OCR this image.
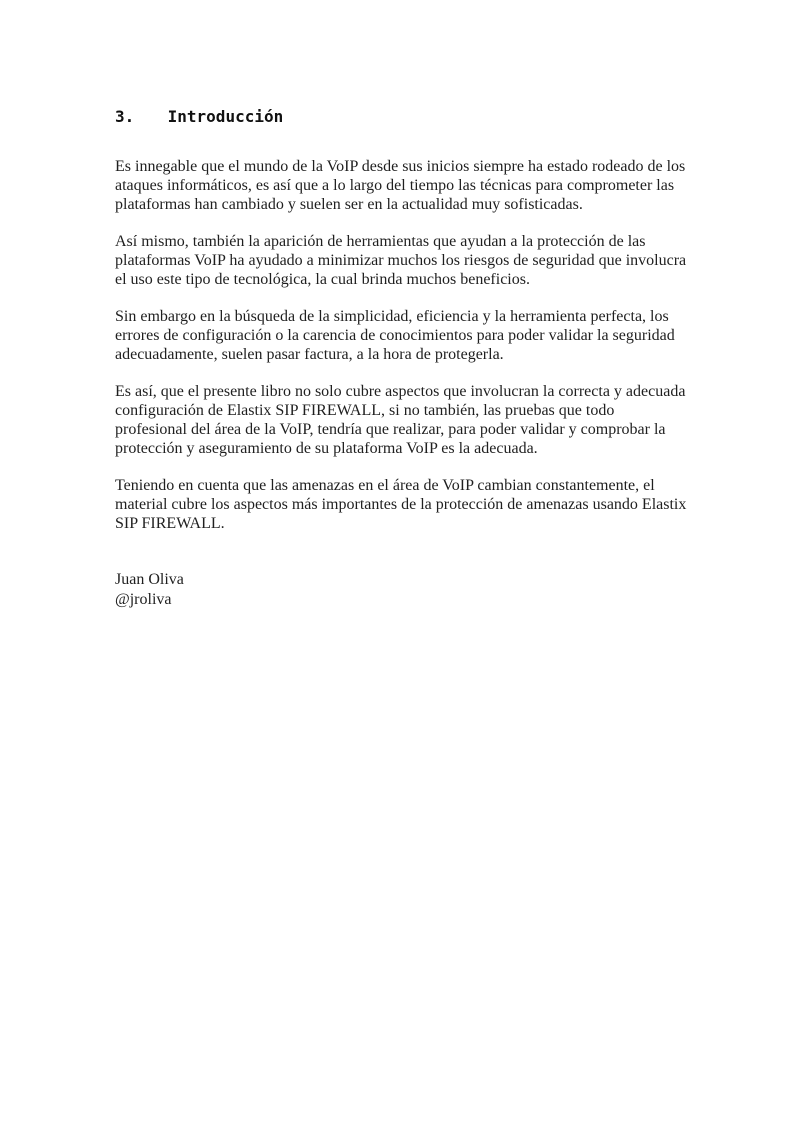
3. Introducción

Es innegable que el mundo de la VoIP desde sus inicios siempre ha estado rodeado de los ataques informáticos, es así que a lo largo del tiempo las técnicas para comprometer las plataformas han cambiado y suelen ser en la actualidad muy sofisticadas.

Así mismo, también la aparición de herramientas que ayudan a la protección de las plataformas VoIP ha ayudado a minimizar muchos los riesgos de seguridad que involucra el uso este tipo de tecnológica, la cual brinda muchos beneficios.

Sin embargo en la búsqueda de la simplicidad, eficiencia y la herramienta perfecta, los errores de configuración o la carencia de conocimientos para poder validar la seguridad adecuadamente, suelen pasar factura, a la hora de protegerla.

Es así, que el presente libro no solo cubre aspectos que involucran la correcta y adecuada configuración de Elastix SIP FIREWALL, si no también, las pruebas que todo profesional del área de la VoIP, tendría que realizar, para poder validar y comprobar la protección y aseguramiento de su plataforma VoIP es la adecuada.

Teniendo en cuenta que las amenazas en el área de VoIP cambian constantemente, el material cubre los aspectos más importantes de la protección de amenazas usando Elastix SIP FIREWALL.

Juan Oliva
@jroliva
